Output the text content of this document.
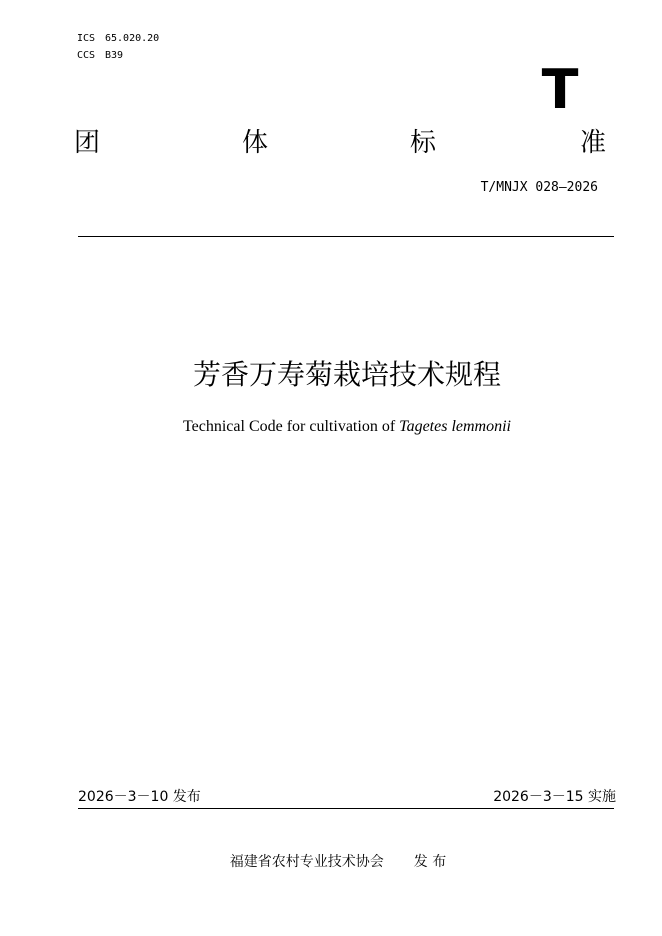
ICS 65.020.20
CCS B39
T
团	体	标	准
T/MNJX 028—2026
芳香万寿菊栽培技术规程
Technical Code for cultivation of Tagetes lemmonii
2026－3－10 发布	2026－3－15 实施
福建省农村专业技术协会 发 布
